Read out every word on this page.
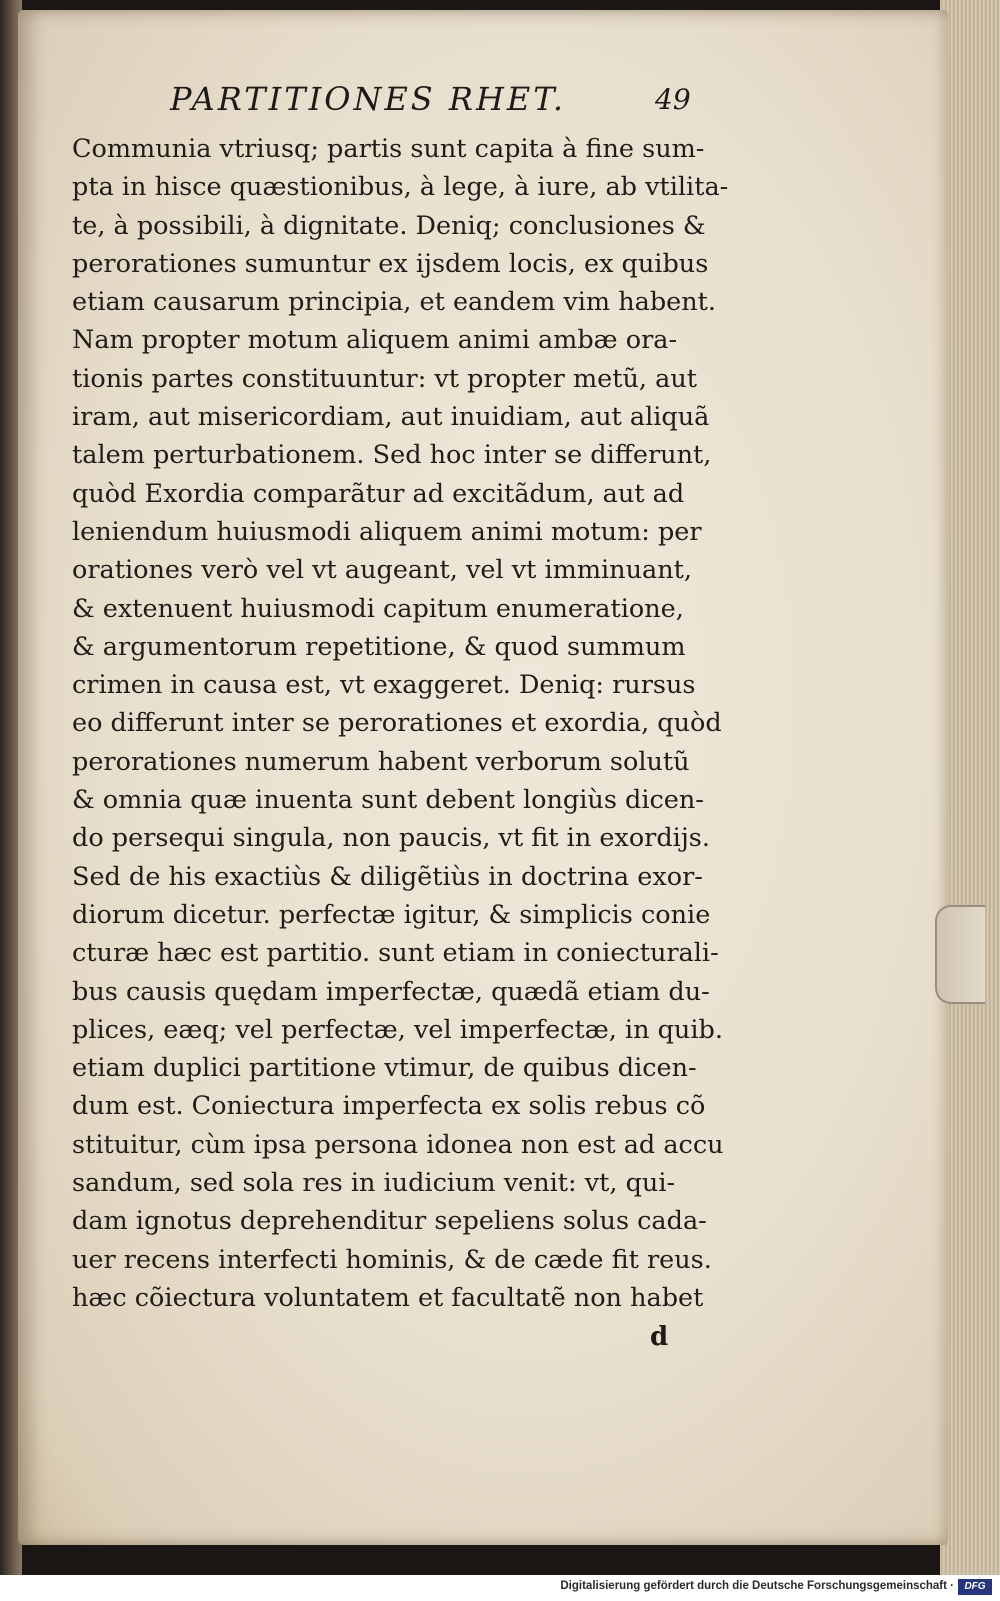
PARTITIONES RHET.	49
Communia vtriusq; partis sunt capita à fine sum-
pta in hisce quæstionibus, à lege, à iure, ab vtilita-
te, à possibili, à dignitate. Deniq; conclusiones &
perorationes sumuntur ex ijsdem locis, ex quibus
etiam causarum principia, et eandem vim habent.
Nam propter motum aliquem animi ambæ ora-
tionis partes constituuntur: vt propter metũ, aut
iram, aut misericordiam, aut inuidiam, aut aliquã
talem perturbationem. Sed hoc inter se differunt,
quòd Exordia comparãtur ad excitãdum, aut ad
leniendum huiusmodi aliquem animi motum: per
orationes verò vel vt augeant, vel vt imminuant,
& extenuent huiusmodi capitum enumeratione,
& argumentorum repetitione, & quod summum
crimen in causa est, vt exaggeret. Deniq: rursus
eo differunt inter se perorationes et exordia, quòd
perorationes numerum habent verborum solutũ
& omnia quæ inuenta sunt debent longiùs dicen-
do persequi singula, non paucis, vt fit in exordijs.
Sed de his exactiùs & diligẽtiùs in doctrina exor-
diorum dicetur. perfectæ igitur, & simplicis conie
cturæ hæc est partitio. sunt etiam in coniecturali-
bus causis quędam imperfectæ, quædã etiam du-
plices, eæq; vel perfectæ, vel imperfectæ, in quib.
etiam duplici partitione vtimur, de quibus dicen-
dum est. Coniectura imperfecta ex solis rebus cõ
stituitur, cùm ipsa persona idonea non est ad accu
sandum, sed sola res in iudicium venit: vt, qui-
dam ignotus deprehenditur sepeliens solus cada-
uer recens interfecti hominis, & de cæde fit reus.
hæc cõiectura voluntatem et facultatẽ non habet
d
Digitalisierung gefördert durch die Deutsche Forschungsgemeinschaft ·	DFG
